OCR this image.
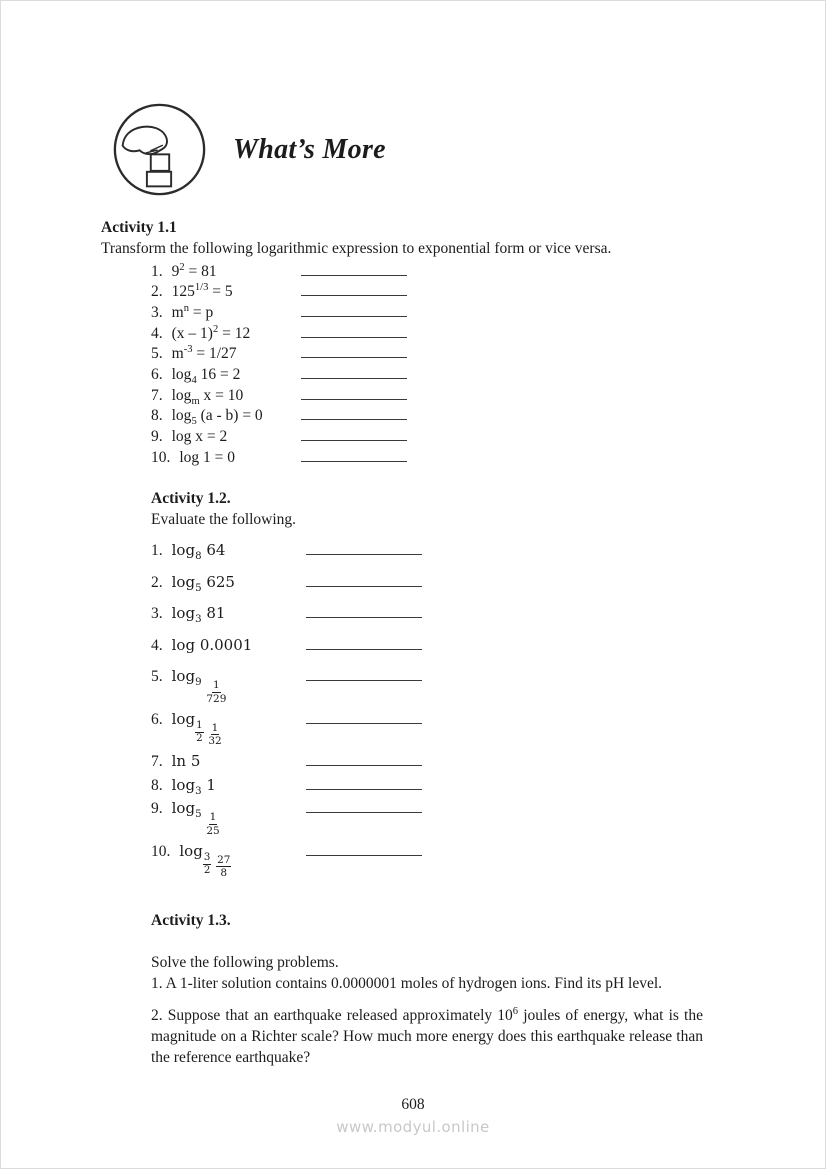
What’s More
Activity 1.1
Transform the following logarithmic expression to exponential form or vice versa.
1. $9^2 = 81$
2. $125^{1/3} = 5$
3. $m^n = p$
4. (x – 1)$^2$ = 12
5. $m^{-3} = 1/27$
6. $\log_4 16 = 2$
7. $\log_m x = 10$
8. $\log_5 (a - b) = 0$
9. log x = 2
10. log 1 = 0
Activity 1.2.
Evaluate the following.
1. $\log_8 64$
2. $\log_5 625$
3. $\log_3 81$
4. log 0.0001
5. $\log_9 \frac{1}{729}$
6. log
$_{\frac{1}{2}}$
$\frac{1}{32}$
7. ln 5
8. $\log_3 1$
9. $\log_5 \frac{1}{25}$
10. log
$_{\frac{3}{2}}$
$\frac{27}{8}$
Activity 1.3.
Solve the following problems.

1. A 1-liter solution contains 0.0000001 moles of hydrogen ions. Find its pH level.

2. Suppose that an earthquake released approximately $10^6$ joules of energy, what is the magnitude on a Richter scale? How much more energy does this earthquake release than the reference earthquake?

608
www.modyul.online
